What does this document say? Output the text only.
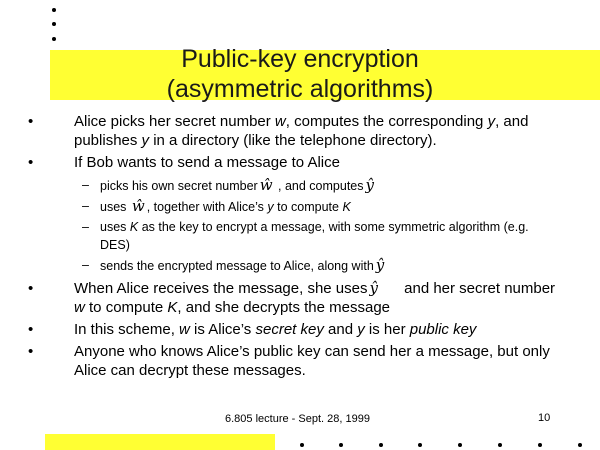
Public-key encryption
(asymmetric algorithms)
•	Alice picks her secret number w, computes the corresponding y, and publishes y in a directory (like the telephone directory).
•	If Bob wants to send a message to Alice
– picks his own secret number ŵ , and computes ŷ
– uses ŵ , together with Alice’s y to compute K
– uses K as the key to encrypt a message, with some symmetric algorithm (e.g. DES)
– sends the encrypted message to Alice, along with ŷ
•	When Alice receives the message, she uses ŷ and her secret number w to compute K, and she decrypts the message
•	In this scheme, w is Alice’s secret key and y is her public key
•	Anyone who knows Alice’s public key can send her a message, but only Alice can decrypt these messages.
6.805 lecture - Sept. 28, 1999	10
